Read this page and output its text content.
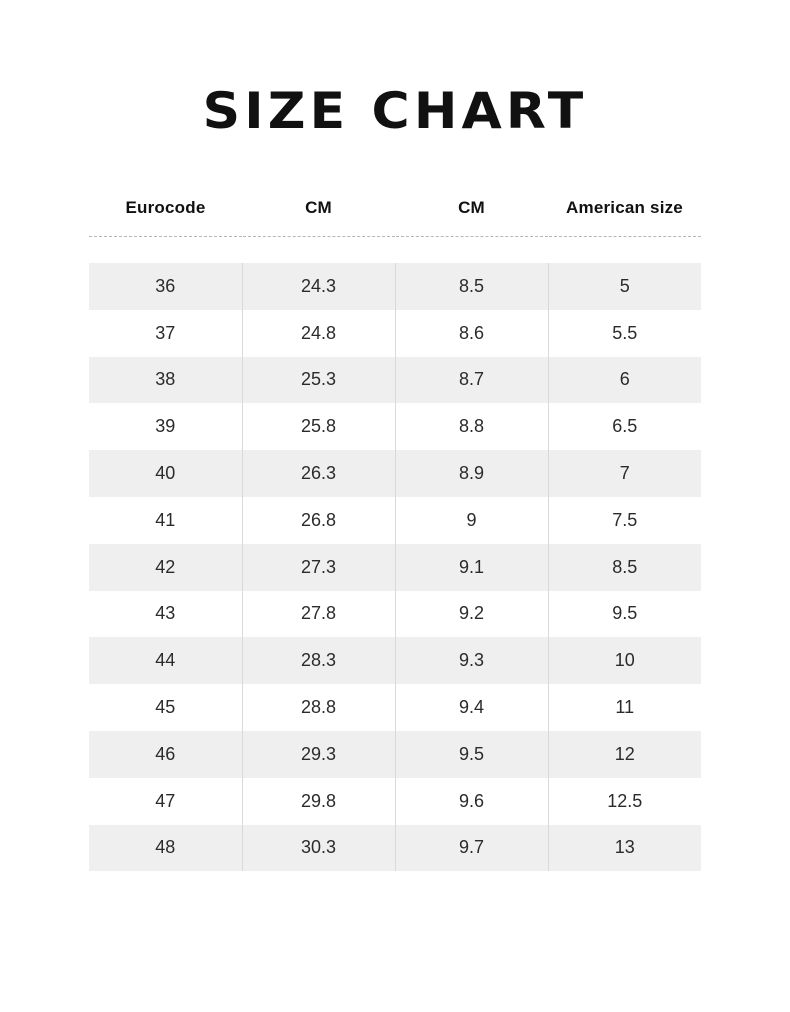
SIZE CHART
Eurocode	CM	CM	American size

36	24.3	8.5	5
37	24.8	8.6	5.5
38	25.3	8.7	6
39	25.8	8.8	6.5
40	26.3	8.9	7
41	26.8	9	7.5
42	27.3	9.1	8.5
43	27.8	9.2	9.5
44	28.3	9.3	10
45	28.8	9.4	11
46	29.3	9.5	12
47	29.8	9.6	12.5
48	30.3	9.7	13
